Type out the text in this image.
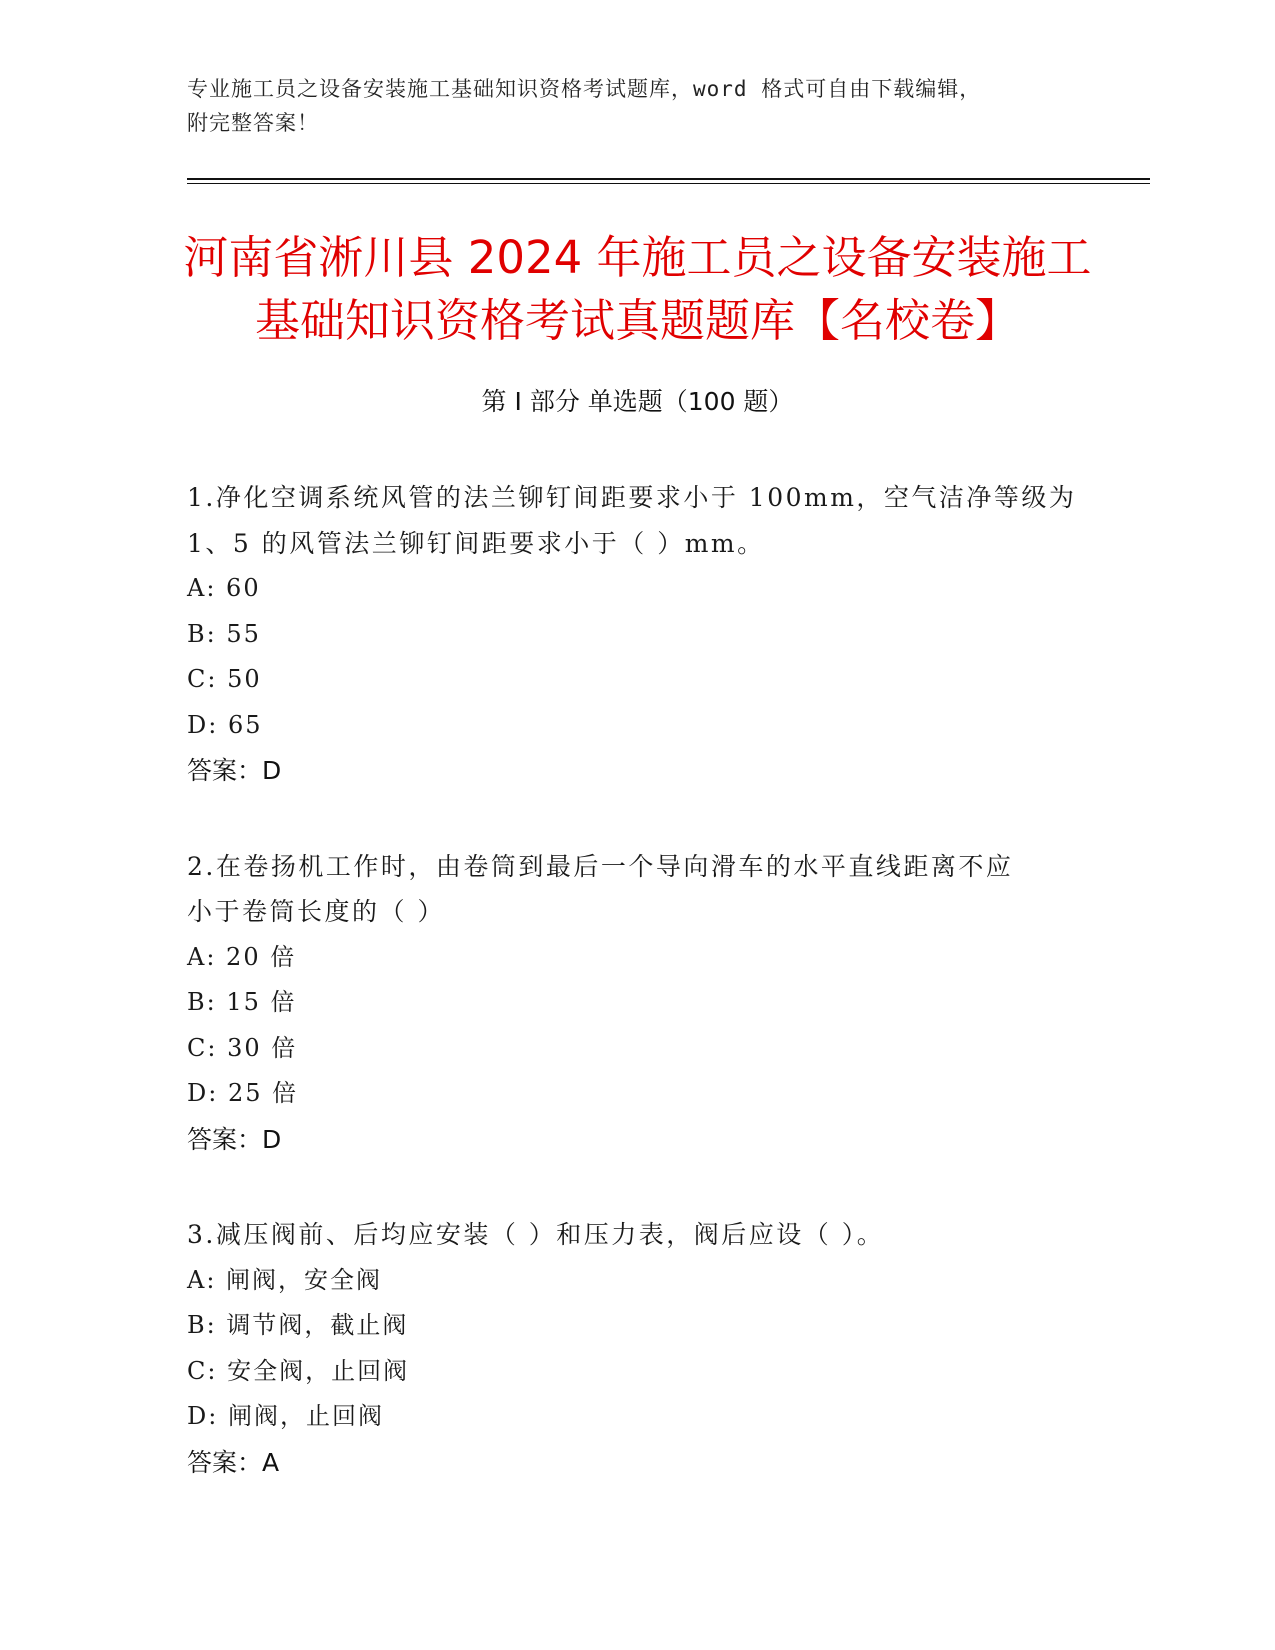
专业施工员之设备安装施工基础知识资格考试题库，word 格式可自由下载编辑，
附完整答案！
河南省淅川县 2024 年施工员之设备安装施工
基础知识资格考试真题题库【名校卷】
第 I 部分 单选题（100 题）
1.净化空调系统风管的法兰铆钉间距要求小于 100mm，空气洁净等级为
1、5 的风管法兰铆钉间距要求小于（ ）mm。
A: 60
B: 55
C: 50
D: 65
答案：D
2.在卷扬机工作时，由卷筒到最后一个导向滑车的水平直线距离不应
小于卷筒长度的（ ）
A: 20 倍
B: 15 倍
C: 30 倍
D: 25 倍
答案：D
3.减压阀前、后均应安装（ ）和压力表，阀后应设（ ）。
A: 闸阀，安全阀
B: 调节阀，截止阀
C: 安全阀，止回阀
D: 闸阀，止回阀
答案：A
